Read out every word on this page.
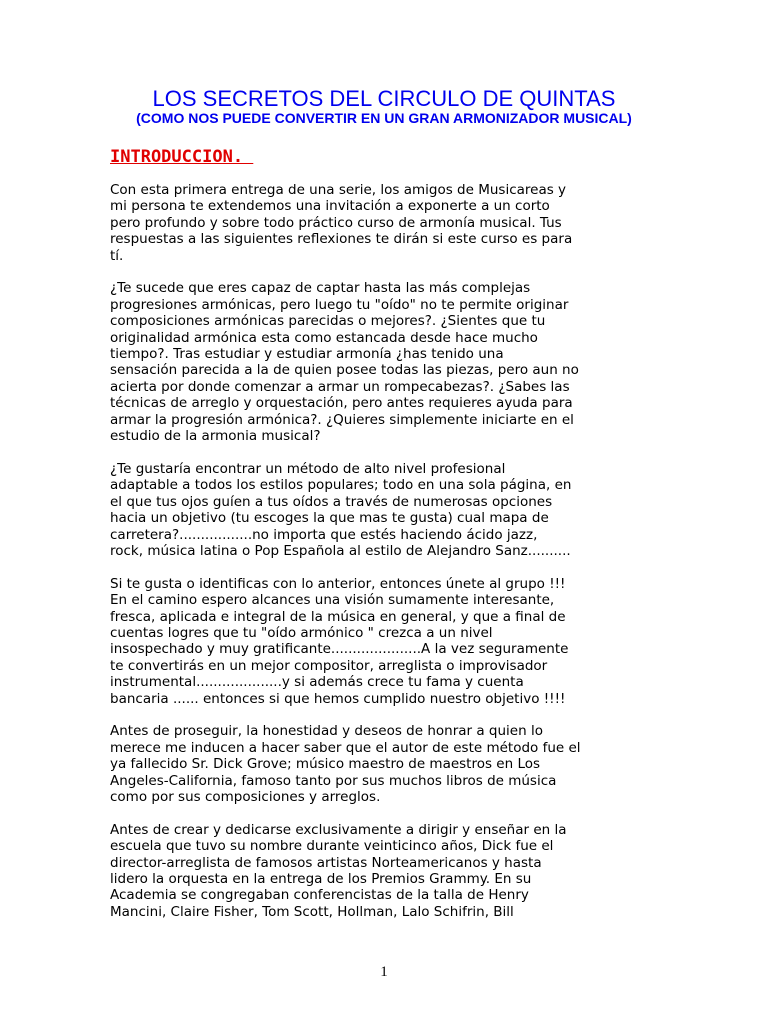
LOS SECRETOS DEL CIRCULO DE QUINTAS
(COMO NOS PUEDE CONVERTIR EN UN GRAN ARMONIZADOR MUSICAL)
INTRODUCCION.

Con esta primera entrega de una serie, los amigos de Musicareas y
mi persona te extendemos una invitación a exponerte a un corto
pero profundo y sobre todo práctico curso de armonía musical. Tus
respuestas a las siguientes reflexiones te dirán si este curso es para
tí.

¿Te sucede que eres capaz de captar hasta las más complejas
progresiones armónicas, pero luego tu "oído" no te permite originar
composiciones armónicas parecidas o mejores?. ¿Sientes que tu
originalidad armónica esta como estancada desde hace mucho
tiempo?. Tras estudiar y estudiar armonía ¿has tenido una
sensación parecida a la de quien posee todas las piezas, pero aun no
acierta por donde comenzar a armar un rompecabezas?. ¿Sabes las
técnicas de arreglo y orquestación, pero antes requieres ayuda para
armar la progresión armónica?. ¿Quieres simplemente iniciarte en el
estudio de la armonia musical?

¿Te gustaría encontrar un método de alto nivel profesional
adaptable a todos los estilos populares; todo en una sola página, en
el que tus ojos guíen a tus oídos a través de numerosas opciones
hacia un objetivo (tu escoges la que mas te gusta) cual mapa de
carretera?.................no importa que estés haciendo ácido jazz,
rock, música latina o Pop Española al estilo de Alejandro Sanz..........

Si te gusta o identificas con lo anterior, entonces únete al grupo !!!
En el camino espero alcances una visión sumamente interesante,
fresca, aplicada e integral de la música en general, y que a final de
cuentas logres que tu "oído armónico " crezca a un nivel
insospechado y muy gratificante.....................A la vez seguramente
te convertirás en un mejor compositor, arreglista o improvisador
instrumental....................y si además crece tu fama y cuenta
bancaria ...... entonces si que hemos cumplido nuestro objetivo !!!!

Antes de proseguir, la honestidad y deseos de honrar a quien lo
merece me inducen a hacer saber que el autor de este método fue el
ya fallecido Sr. Dick Grove; músico maestro de maestros en Los
Angeles-California, famoso tanto por sus muchos libros de música
como por sus composiciones y arreglos.

Antes de crear y dedicarse exclusivamente a dirigir y enseñar en la
escuela que tuvo su nombre durante veinticinco años, Dick fue el
director-arreglista de famosos artistas Norteamericanos y hasta
lidero la orquesta en la entrega de los Premios Grammy. En su
Academia se congregaban conferencistas de la talla de Henry
Mancini, Claire Fisher, Tom Scott, Hollman, Lalo Schifrin, Bill

1
